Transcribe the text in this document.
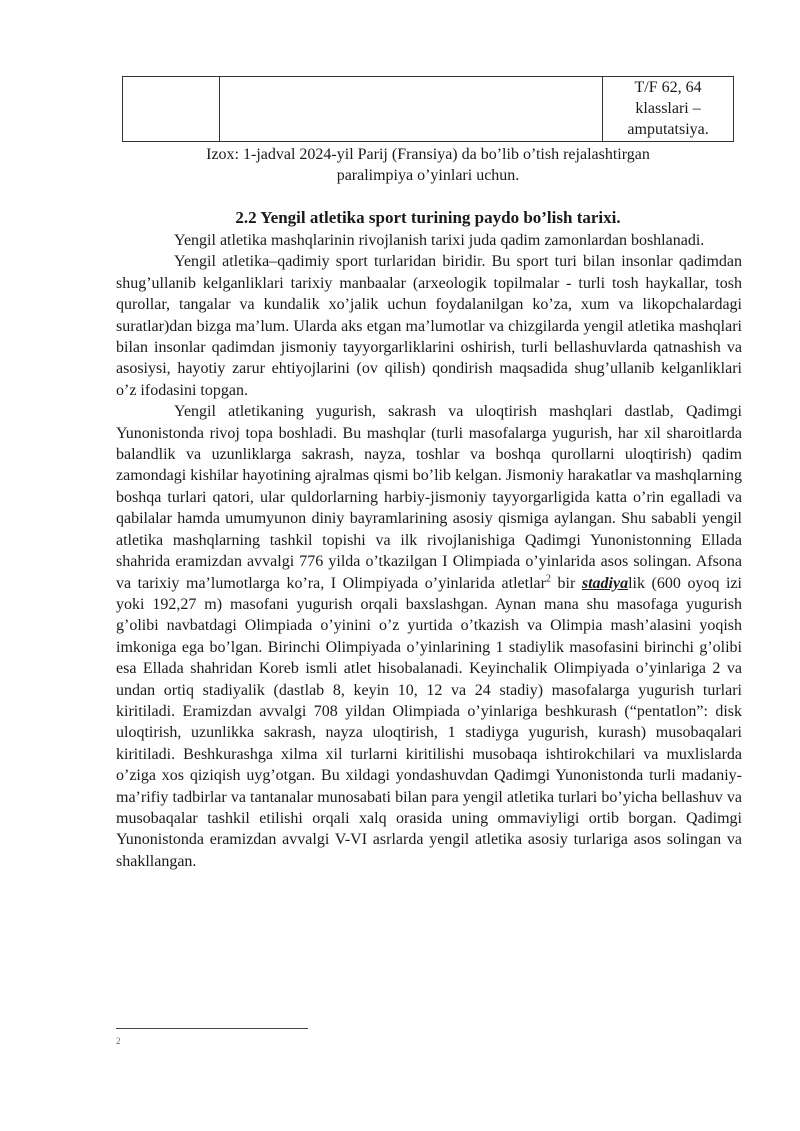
T/F 62, 64
klasslari –
amputatsiya.
Izox: 1-jadval 2024-yil Parij (Fransiya) da bo’lib o’tish rejalashtirgan
paralimpiya o’yinlari uchun.
2.2 Yengil atletika sport turining paydo bo’lish tarixi.

Yengil atletika mashqlarinin rivojlanish tarixi juda qadim zamonlardan boshlanadi.

Yengil atletika–qadimiy sport turlaridan biridir. Bu sport turi bilan insonlar qadimdan shug’ullanib kelganliklari tarixiy manbaalar (arxeologik topilmalar - turli tosh haykallar, tosh qurollar, tangalar va kundalik xo’jalik uchun foydalanilgan ko’za, xum va likopchalardagi suratlar)dan bizga ma’lum. Ularda aks etgan ma’lumotlar va chizgilarda yengil atletika mashqlari bilan insonlar qadimdan jismoniy tayyorgarliklarini oshirish, turli bellashuvlarda qatnashish va asosiysi, hayotiy zarur ehtiyojlarini (ov qilish) qondirish maqsadida shug’ullanib kelganliklari o’z ifodasini topgan.

Yengil atletikaning yugurish, sakrash va uloqtirish mashqlari dastlab, Qadimgi Yunonistonda rivoj topa boshladi. Bu mashqlar (turli masofalarga yugurish, har xil sharoitlarda balandlik va uzunliklarga sakrash, nayza, toshlar va boshqa qurollarni uloqtirish) qadim zamondagi kishilar hayotining ajralmas qismi bo’lib kelgan. Jismoniy harakatlar va mashqlarning boshqa turlari qatori, ular quldorlarning harbiy-jismoniy tayyorgarligida katta o’rin egalladi va qabilalar hamda umumyunon diniy bayramlarining asosiy qismiga aylangan. Shu sababli yengil atletika mashqlarning tashkil topishi va ilk rivojlanishiga Qadimgi Yunonistonning Ellada shahrida eramizdan avvalgi 776 yilda o’tkazilgan I Olimpiada o’yinlarida asos solingan. Afsona va tarixiy ma’lumotlarga ko’ra, I Olimpiyada o’yinlarida atletlar$^2$ bir stadiyalik (600 oyoq izi yoki 192,27 m) masofani yugurish orqali baxslashgan. Aynan mana shu masofaga yugurish g’olibi navbatdagi Olimpiada o’yinini o’z yurtida o’tkazish va Olimpia mash’alasini yoqish imkoniga ega bo’lgan. Birinchi Olimpiyada o’yinlarining 1 stadiylik masofasini birinchi g’olibi esa Ellada shahridan Koreb ismli atlet hisobalanadi. Keyinchalik Olimpiyada o’yinlariga 2 va undan ortiq stadiyalik (dastlab 8, keyin 10, 12 va 24 stadiy) masofalarga yugurish turlari kiritiladi. Eramizdan avvalgi 708 yildan Olimpiada o’yinlariga beshkurash (“pentatlon”: disk uloqtirish, uzunlikka sakrash, nayza uloqtirish, 1 stadiyga yugurish, kurash) musobaqalari kiritiladi. Beshkurashga xilma xil turlarni kiritilishi musobaqa ishtirokchilari va muxlislarda o’ziga xos qiziqish uyg’otgan. Bu xildagi yondashuvdan Qadimgi Yunonistonda turli madaniy-ma’rifiy tadbirlar va tantanalar munosabati bilan para yengil atletika turlari bo’yicha bellashuv va musobaqalar tashkil etilishi orqali xalq orasida uning ommaviyligi ortib borgan. Qadimgi Yunonistonda eramizdan avvalgi V-VI asrlarda yengil atletika asosiy turlariga asos solingan va shakllangan.

2
